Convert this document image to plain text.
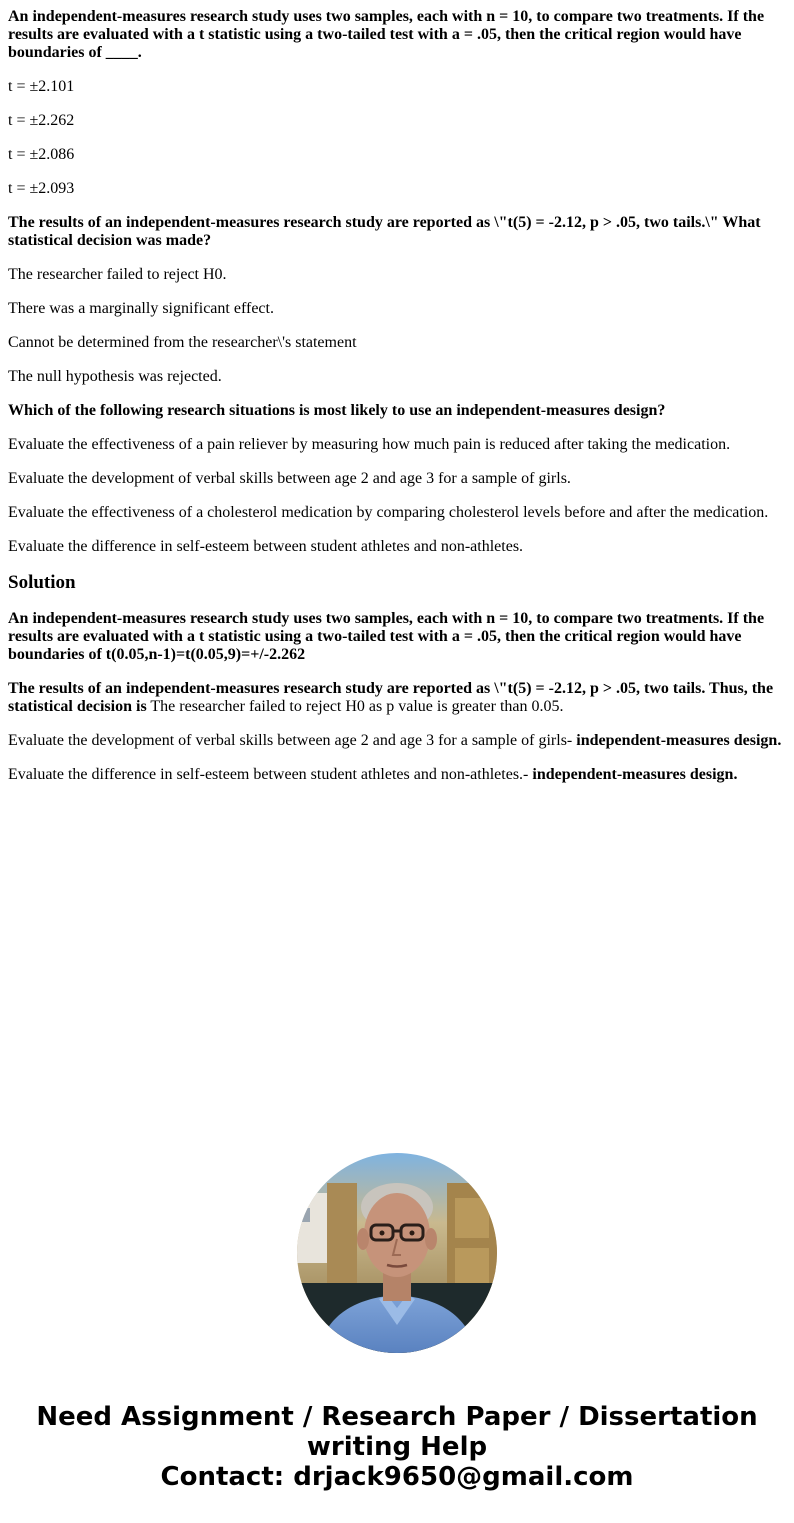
An independent-measures research study uses two samples, each with n = 10, to compare two treatments. If the results are evaluated with a t statistic using a two-tailed test with a = .05, then the critical region would have boundaries of ____.

t = ±2.101

t = ±2.262

t = ±2.086

t = ±2.093

The results of an independent-measures research study are reported as \"t(5) = -2.12, p > .05, two tails.\" What statistical decision was made?

The researcher failed to reject H0.

There was a marginally significant effect.

Cannot be determined from the researcher\'s statement

The null hypothesis was rejected.

Which of the following research situations is most likely to use an independent-measures design?

Evaluate the effectiveness of a pain reliever by measuring how much pain is reduced after taking the medication.

Evaluate the development of verbal skills between age 2 and age 3 for a sample of girls.

Evaluate the effectiveness of a cholesterol medication by comparing cholesterol levels before and after the medication.

Evaluate the difference in self-esteem between student athletes and non-athletes.

Solution

An independent-measures research study uses two samples, each with n = 10, to compare two treatments. If the results are evaluated with a t statistic using a two-tailed test with a = .05, then the critical region would have boundaries of t(0.05,n-1)=t(0.05,9)=+/-2.262

The results of an independent-measures research study are reported as \"t(5) = -2.12, p > .05, two tails. Thus, the statistical decision is The researcher failed to reject H0 as p value is greater than 0.05.

Evaluate the development of verbal skills between age 2 and age 3 for a sample of girls- independent-measures design.

Evaluate the difference in self-esteem between student athletes and non-athletes.- independent-measures design.

Need Assignment / Research Paper / Dissertation
writing Help
Contact: drjack9650@gmail.com
